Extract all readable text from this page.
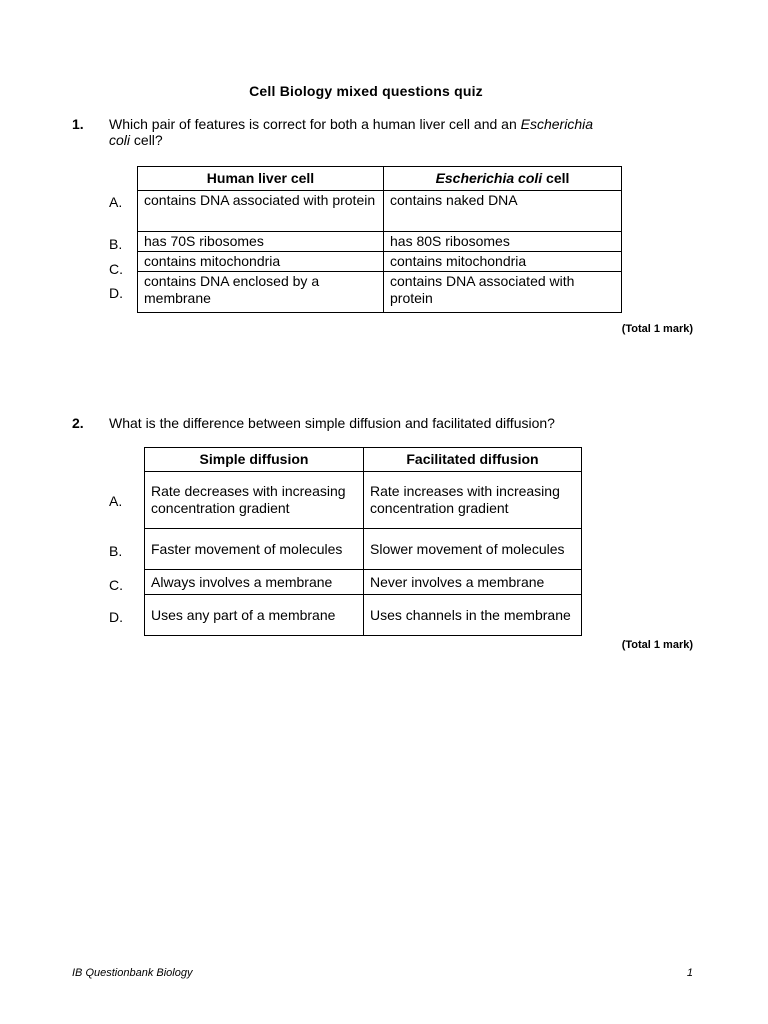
Cell Biology mixed questions quiz
1. Which pair of features is correct for both a human liver cell and an Escherichia
coli cell?
Human liver cell	Escherichia coli cell
contains DNA associated with protein	contains naked DNA
has 70S ribosomes	has 80S ribosomes
contains mitochondria	contains mitochondria
contains DNA enclosed by a membrane	contains DNA associated with protein
A.
B.
C.
D.
(Total 1 mark)
2. What is the difference between simple diffusion and facilitated diffusion?
Simple diffusion	Facilitated diffusion
Rate decreases with increasing concentration gradient	Rate increases with increasing concentration gradient
Faster movement of molecules	Slower movement of molecules
Always involves a membrane	Never involves a membrane
Uses any part of a membrane	Uses channels in the membrane
A.
B.
C.
D.
(Total 1 mark)
IB Questionbank Biology	1
